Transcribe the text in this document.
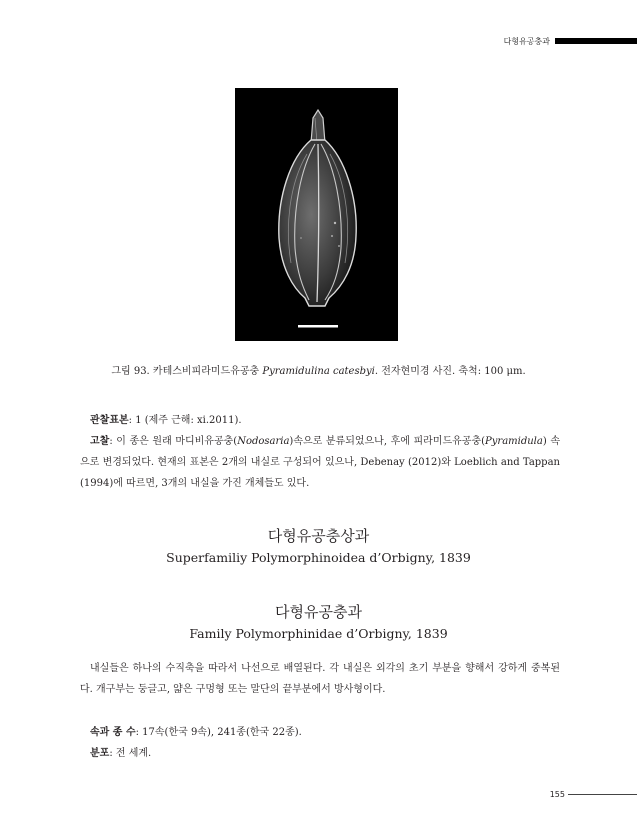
다형유공충과
그림 93. 카테스비피라미드유공충 Pyramidulina catesbyi. 전자현미경 사진. 축척: 100 μm.

관찰표본: 1 (제주 근해: xi.2011).

고찰: 이 종은 원래 마디비유공충(Nodosaria)속으로 분류되었으나, 후에 피라미드유공충(Pyramidula) 속으로 변경되었다. 현재의 표본은 2개의 내실로 구성되어 있으나, Debenay (2012)와 Loeblich and Tappan (1994)에 따르면, 3개의 내실을 가진 개체들도 있다.

다형유공충상과
Superfamiliy Polymorphinoidea d’Orbigny, 1839
다형유공충과
Family Polymorphinidae d’Orbigny, 1839

내실들은 하나의 수직축을 따라서 나선으로 배열된다. 각 내실은 외각의 초기 부분을 향해서 강하게 중복된다. 개구부는 둥글고, 얇은 구멍형 또는 말단의 끝부분에서 방사형이다.

속과 종 수: 17속(한국 9속), 241종(한국 22종).

분포: 전 세계.

155
